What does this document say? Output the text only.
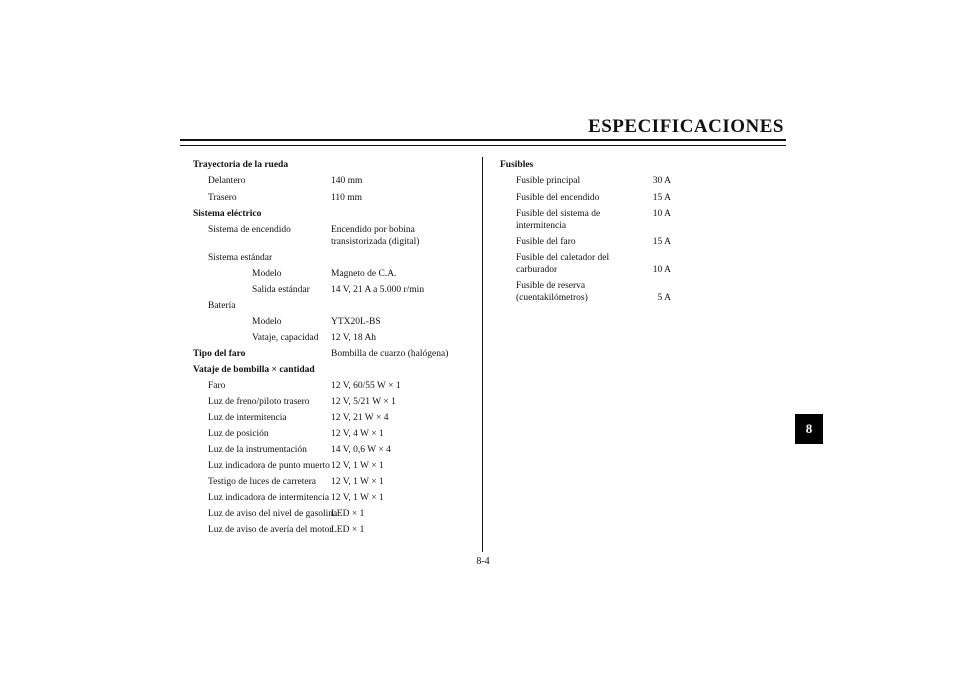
ESPECIFICACIONES
8-4
8
Trayectoria de la rueda
Delantero	140 mm
Trasero	110 mm
Sistema eléctrico
Sistema de encendido	Encendido por bobina
transistorizada (digital)
Sistema estándar
Modelo	Magneto de C.A.
Salida estándar 14 V, 21 A a 5.000 r/min
Batería
Modelo	YTX20L-BS
Vataje, capacidad 12 V, 18 Ah
Tipo del faro	Bombilla de cuarzo (halógena)
Vataje de bombilla × cantidad
Faro	12 V, 60/55 W × 1
Luz de freno/piloto trasero 12 V, 5/21 W × 1
Luz de intermitencia	12 V, 21 W × 4
Luz de posición	12 V, 4 W × 1
Luz de la instrumentación	14 V, 0,6 W × 4
Luz indicadora de punto muerto 12 V, 1 W × 1
Testigo de luces de carretera 12 V, 1 W × 1
Luz indicadora de intermitencia 12 V, 1 W × 1
Luz de aviso del nivel de gasolina
LED × 1
Luz de aviso de avería del motor
LED × 1
Fusibles
Fusible principal	30 A
Fusible del encendido	15 A
Fusible del sistema de
intermitencia
10 A
Fusible del faro	15 A
Fusible del caletador del
carburador	10 A
Fusible de reserva
(cuentakilómetros)	5 A
